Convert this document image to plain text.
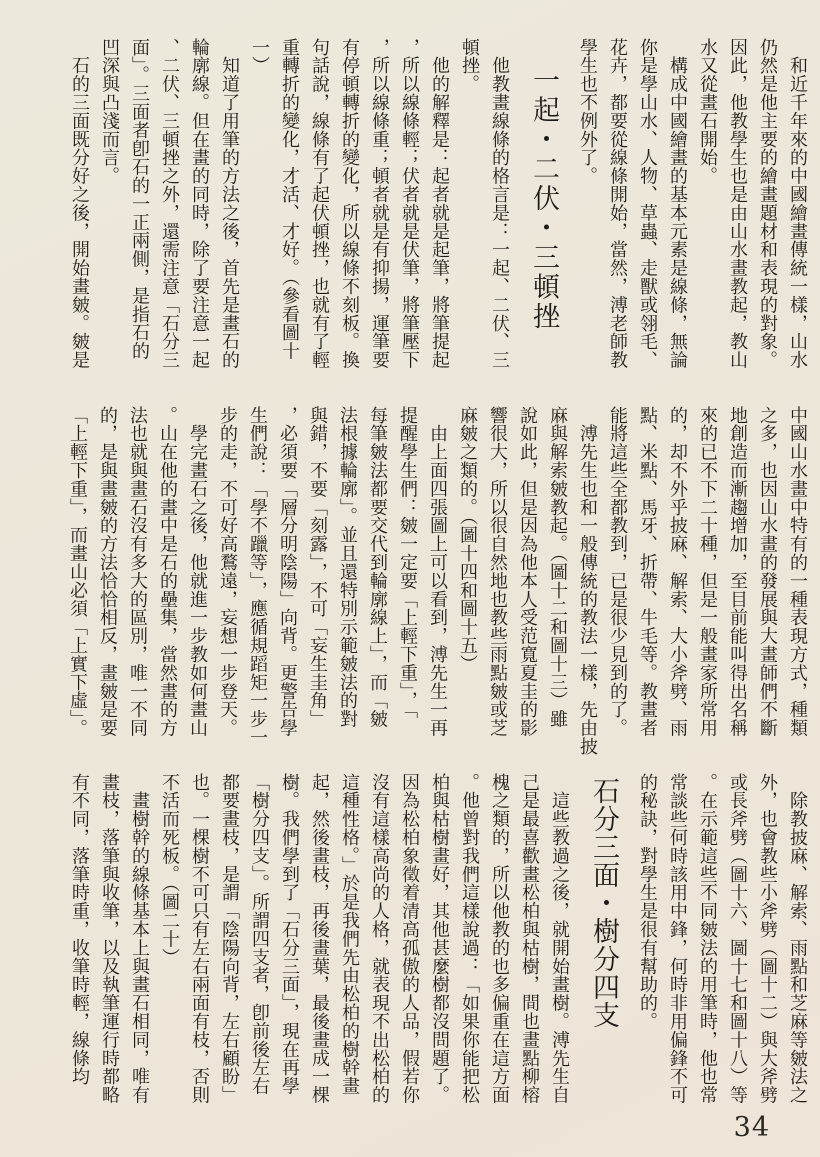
　和近千年來的中國繪畫傳統一樣，山水
仍然是他主要的繪畫題材和表現的對象。
因此，他教學生也是由山水畫教起，教山
水又從畫石開始。
　構成中國繪畫的基本元素是線條，無論
你是學山水、人物、草蟲、走獸或翎毛、
花卉，都要從線條開始，當然，溥老師教
學生也不例外了。
一起・二伏・三頓挫
　他教畫線條的格言是：一起、二伏、三
頓挫。
　他的解釋是：起者就是起筆，將筆提起
，所以線條輕；伏者就是伏筆，將筆壓下
，所以線條重；頓者就是有抑揚，運筆要
有停頓轉折的變化，所以線條不刻板。換
句話說，線條有了起伏頓挫，也就有了輕
重轉折的變化，才活、才好。（參看圖十
一）
　知道了用筆的方法之後，首先是畫石的
輪廓線。但在畫的同時，除了要注意一起
、二伏、三頓挫之外，還需注意「石分三
面」。三面者卽石的一正兩側，是指石的
凹深與凸淺而言。
　石的三面既分好之後，開始畫皴。皴是
中國山水畫中特有的一種表現方式，種類
之多，也因山水畫的發展與大畫師們不斷
地創造而漸趨增加，至目前能叫得出名稱
來的已不下二十種，但是一般畫家所常用
的，却不外乎披麻、解索、大小斧劈、雨
點、米點、馬牙、折帶、牛毛等。教畫者
能將這些全都教到，已是很少見到的了。
　溥先生也和一般傳統的教法一樣，先由披
麻與解索皴教起。（圖十二和圖十三）雖
說如此，但是因為他本人受范寬夏圭的影
響很大，所以很自然地也教些雨點皴或芝
麻皴之類的。（圖十四和圖十五）
　由上面四張圖上可以看到，溥先生一再
提醒學生們：皴一定要「上輕下重」，「
每筆皴法都要交代到輪廓線上」，而「皴
法根據輪廓」。並且還特別示範皴法的對
與錯，不要「刻露」，不可「妄生圭角」
，必須要「層分明陰陽」向背。更警告學
生們說：「學不躐等」，應循規蹈矩一步一
步的走，不可好高鶩遠，妄想一步登天。
　學完畫石之後，他就進一步教如何畫山
。山在他的畫中是石的壘集，當然畫的方
法也就與畫石沒有多大的區別，唯一不同
的，是與畫皴的方法恰恰相反，畫皴是要
「上輕下重」，而畫山必須「上實下虛」。
　除教披麻、解索、雨點和芝麻等皴法之
外，也會教些小斧劈（圖十二）與大斧劈
或長斧劈（圖十六、圖十七和圖十八）等
。在示範這些不同皴法的用筆時，他也常
常談些何時該用中鋒，何時非用偏鋒不可
的秘訣，對學生是很有幫助的。
石分三面・樹分四支
　這些教過之後，就開始畫樹。溥先生自
己是最喜歡畫松柏與枯樹，間也畫點柳榕
槐之類的，所以他教的也多偏重在這方面
。他曾對我們這樣說過：「如果你能把松
柏與枯樹畫好，其他甚麼樹都沒問題了。
因為松柏象徵着清高孤傲的人品，假若你
沒有這樣高尚的人格，就表現不出松柏的
這種性格。」於是我們先由松柏的樹幹畫
起，然後畫枝，再後畫葉，最後畫成一棵
樹。我們學到了「石分三面」，現在再學
「樹分四支」。所謂四支者，卽前後左右
都要畫枝，是謂「陰陽向背，左右顧盼」
也。一棵樹不可只有左右兩面有枝，否則
不活而死板。（圖二十）
　畫樹幹的線條基本上與畫石相同，唯有
畫枝，落筆與收筆，以及執筆運行時都略
有不同，落筆時重，收筆時輕，線條均
34
